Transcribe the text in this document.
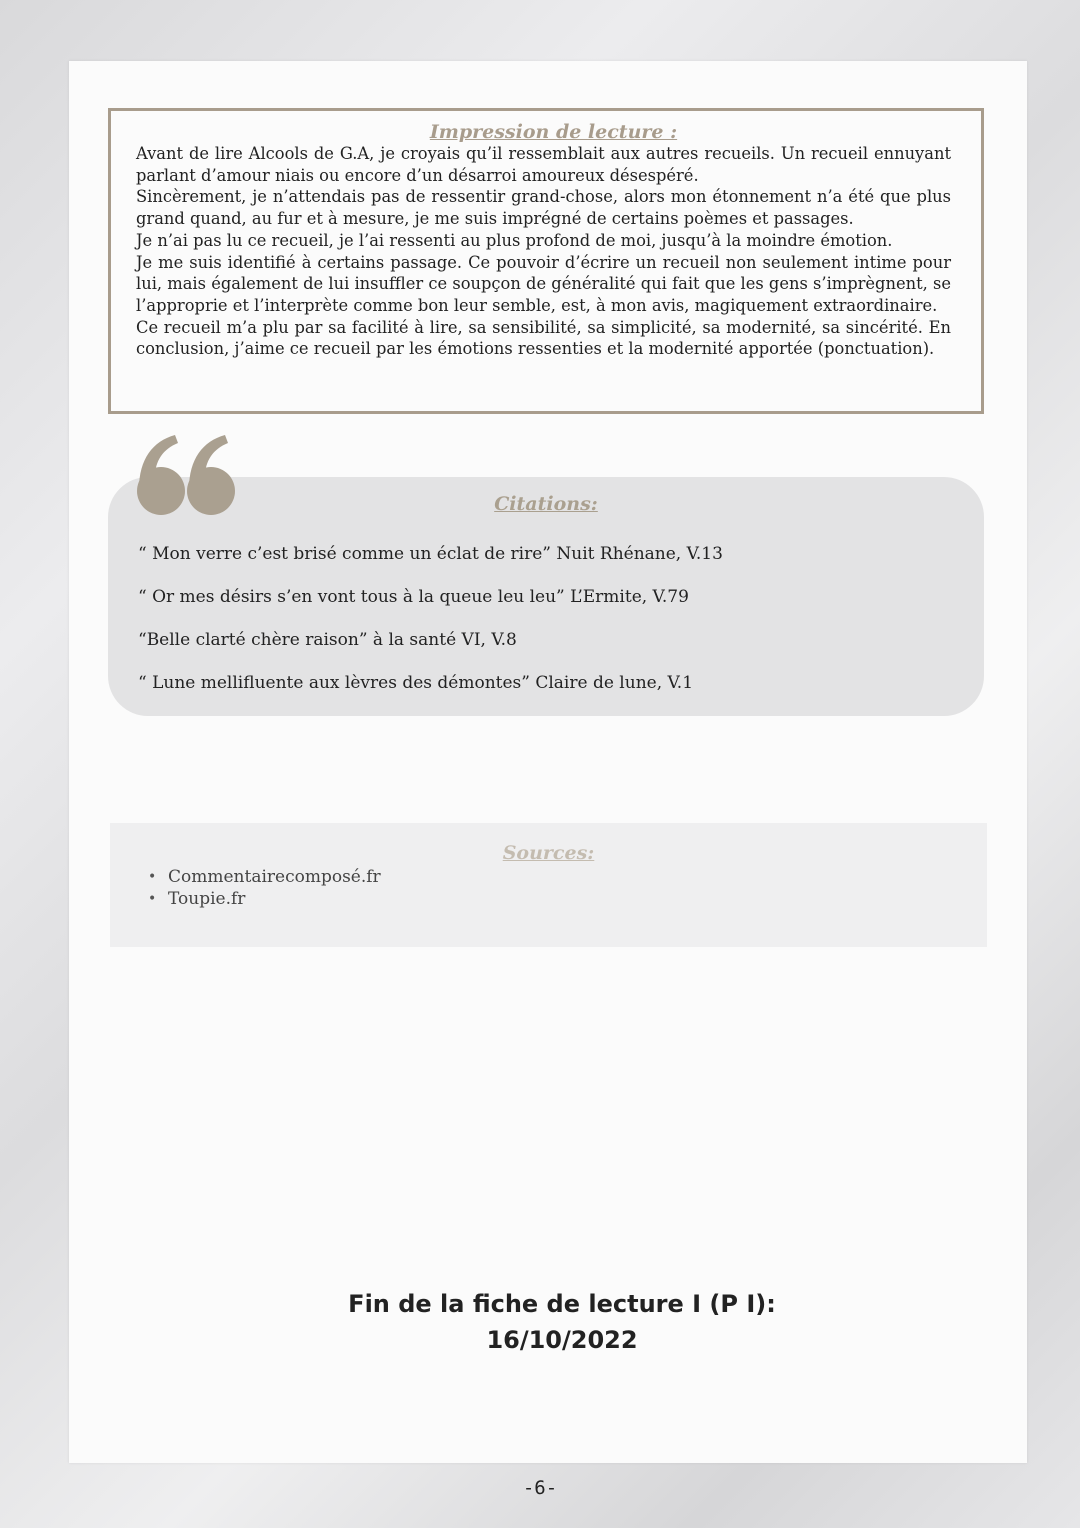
Impression de lecture :

Avant de lire Alcools de G.A, je croyais qu’il ressemblait aux autres recueils. Un recueil ennuyant parlant d’amour niais ou encore d’un désarroi amoureux désespéré.

Sincèrement, je n’attendais pas de ressentir grand-chose, alors mon étonnement n’a été que plus grand quand, au fur et à mesure, je me suis imprégné de certains poèmes et passages.

Je n’ai pas lu ce recueil, je l’ai ressenti au plus profond de moi, jusqu’à la moindre émotion.

Je me suis identifié à certains passage. Ce pouvoir d’écrire un recueil non seulement intime pour lui, mais également de lui insuffler ce soupçon de généralité qui fait que les gens s’imprègnent, se l’approprie et l’interprète comme bon leur semble, est, à mon avis, magiquement extraordinaire.

Ce recueil m’a plu par sa facilité à lire, sa sensibilité, sa simplicité, sa modernité, sa sincérité. En conclusion, j’aime ce recueil par les émotions ressenties et la modernité apportée (ponctuation).

Citations:
“ Mon verre c’est brisé comme un éclat de rire” Nuit Rhénane, V.13
“ Or mes désirs s’en vont tous à la queue leu leu” L’Ermite, V.79
“Belle clarté chère raison” à la santé VI, V.8
“ Lune mellifluente aux lèvres des démontes” Claire de lune, V.1
Sources:
• Commentairecomposé.fr
• Toupie.fr
Fin de la fiche de lecture I (P I):
16/10/2022
-6-
